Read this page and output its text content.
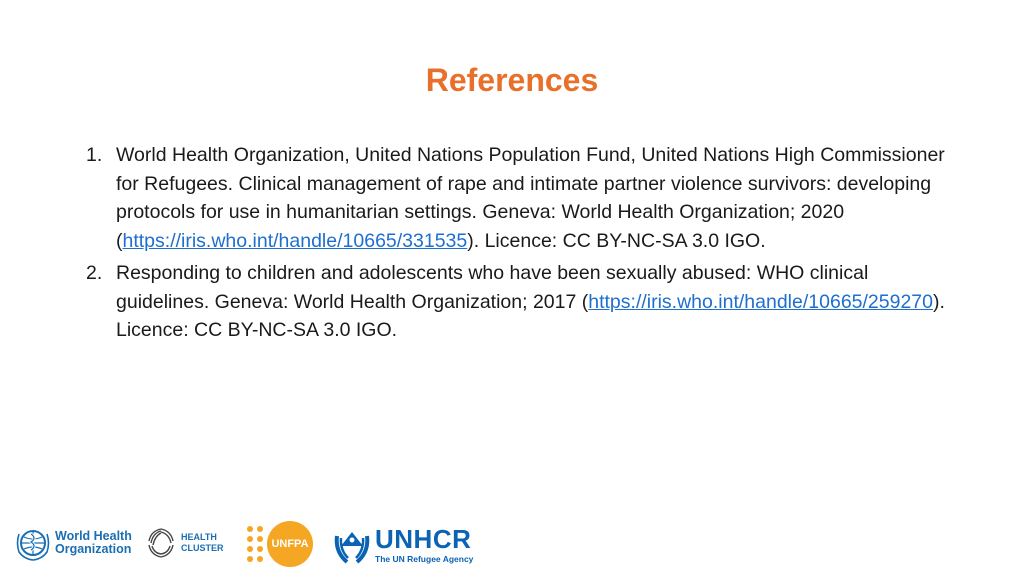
References
1. World Health Organization, United Nations Population Fund, United Nations High Commissioner for Refugees. Clinical management of rape and intimate partner violence survivors: developing protocols for use in humanitarian settings. Geneva: World Health Organization; 2020 (https://iris.who.int/handle/10665/331535). Licence: CC BY-NC-SA 3.0 IGO.
2. Responding to children and adolescents who have been sexually abused: WHO clinical guidelines. Geneva: World Health Organization; 2017 (https://iris.who.int/handle/10665/259270). Licence: CC BY-NC-SA 3.0 IGO.
World Health
Organization
HEALTH
CLUSTER	UNFPA	UNHCR
The UN Refugee Agency
